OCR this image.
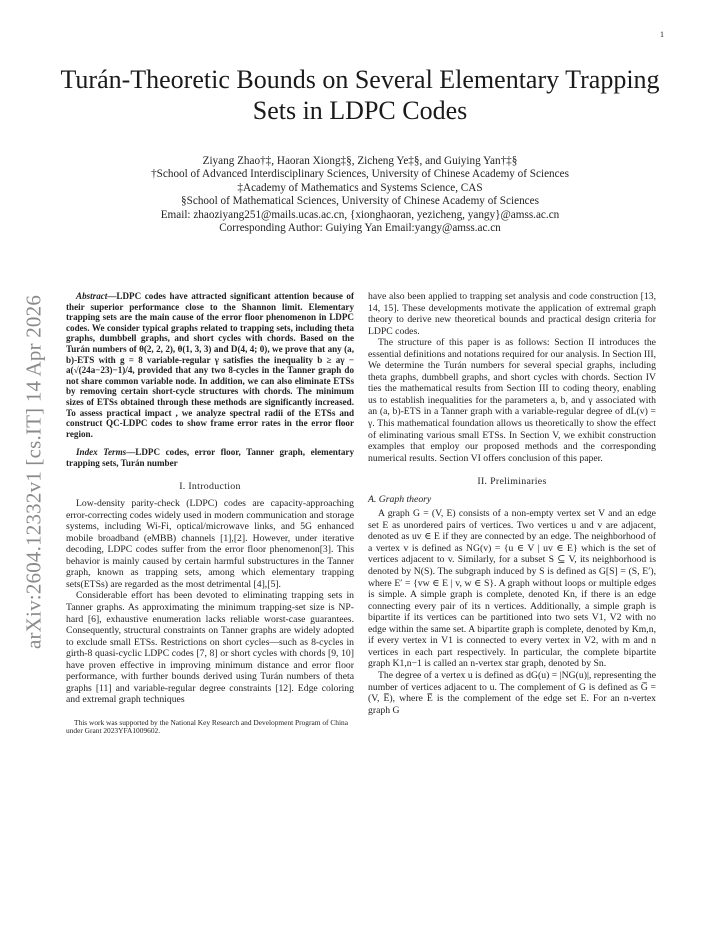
1
arXiv:2604.12332v1 [cs.IT] 14 Apr 2026
Turán-Theoretic Bounds on Several Elementary Trapping Sets in LDPC Codes
Ziyang Zhao†‡, Haoran Xiong‡§, Zicheng Ye‡§, and Guiying Yan†‡§
†School of Advanced Interdisciplinary Sciences, University of Chinese Academy of Sciences
‡Academy of Mathematics and Systems Science, CAS
§School of Mathematical Sciences, University of Chinese Academy of Sciences
Email: zhaoziyang251@mails.ucas.ac.cn, {xionghaoran, yezicheng, yangy}@amss.ac.cn
Corresponding Author: Guiying Yan Email:yangy@amss.ac.cn

Abstract—LDPC codes have attracted significant attention because of their superior performance close to the Shannon limit. Elementary trapping sets are the main cause of the error floor phenomenon in LDPC codes. We consider typical graphs related to trapping sets, including theta graphs, dumbbell graphs, and short cycles with chords. Based on the Turán numbers of θ(2, 2, 2), θ(1, 3, 3) and D(4, 4; 0), we prove that any (a, b)-ETS with g = 8 variable-regular γ satisfies the inequality b ≥ aγ − a(√(24a−23)−1)/4, provided that any two 8-cycles in the Tanner graph do not share common variable node. In addition, we can also eliminate ETSs by removing certain short-cycle structures with chords. The minimum sizes of ETSs obtained through these methods are significantly increased. To assess practical impact , we analyze spectral radii of the ETSs and construct QC-LDPC codes to show frame error rates in the error floor region.

Index Terms—LDPC codes, error floor, Tanner graph, elementary trapping sets, Turán number

I. Introduction

Low-density parity-check (LDPC) codes are capacity-approaching error-correcting codes widely used in modern communication and storage systems, including Wi-Fi, optical/microwave links, and 5G enhanced mobile broadband (eMBB) channels [1],[2]. However, under iterative decoding, LDPC codes suffer from the error floor phenomenon[3]. This behavior is mainly caused by certain harmful substructures in the Tanner graph, known as trapping sets, among which elementary trapping sets(ETSs) are regarded as the most detrimental [4],[5].

Considerable effort has been devoted to eliminating trapping sets in Tanner graphs. As approximating the minimum trapping-set size is NP-hard [6], exhaustive enumeration lacks reliable worst-case guarantees. Consequently, structural constraints on Tanner graphs are widely adopted to exclude small ETSs. Restrictions on short cycles—such as 8-cycles in girth-8 quasi-cyclic LDPC codes [7, 8] or short cycles with chords [9, 10] have proven effective in improving minimum distance and error floor performance, with further bounds derived using Turán numbers of theta graphs [11] and variable-regular degree constraints [12]. Edge coloring and extremal graph techniques

This work was supported by the National Key Research and Development Program of China under Grant 2023YFA1009602.

have also been applied to trapping set analysis and code construction [13, 14, 15]. These developments motivate the application of extremal graph theory to derive new theoretical bounds and practical design criteria for LDPC codes.

The structure of this paper is as follows: Section II introduces the essential definitions and notations required for our analysis. In Section III, We determine the Turán numbers for several special graphs, including theta graphs, dumbbell graphs, and short cycles with chords. Section IV ties the mathematical results from Section III to coding theory, enabling us to establish inequalities for the parameters a, b, and γ associated with an (a, b)-ETS in a Tanner graph with a variable-regular degree of dL(v) = γ. This mathematical foundation allows us theoretically to show the effect of eliminating various small ETSs. In Section V, we exhibit construction examples that employ our proposed methods and the corresponding numerical results. Section VI offers conclusion of this paper.

II. Preliminaries
A. Graph theory

A graph G = (V, E) consists of a non-empty vertex set V and an edge set E as unordered pairs of vertices. Two vertices u and v are adjacent, denoted as uv ∈ E if they are connected by an edge. The neighborhood of a vertex v is defined as NG(v) = {u ∈ V | uv ∈ E} which is the set of vertices adjacent to v. Similarly, for a subset S ⊆ V, its neighborhood is denoted by N(S). The subgraph induced by S is defined as G[S] = (S, E′), where E′ = {vw ∈ E | v, w ∈ S}. A graph without loops or multiple edges is simple. A simple graph is complete, denoted Kn, if there is an edge connecting every pair of its n vertices. Additionally, a simple graph is bipartite if its vertices can be partitioned into two sets V1, V2 with no edge within the same set. A bipartite graph is complete, denoted by Km,n, if every vertex in V1 is connected to every vertex in V2, with m and n vertices in each part respectively. In particular, the complete bipartite graph K1,n−1 is called an n-vertex star graph, denoted by Sn.

The degree of a vertex u is defined as dG(u) = |NG(u)|, representing the number of vertices adjacent to u. The complement of G is defined as G̅ = (V, E̅), where E̅ is the complement of the edge set E. For an n-vertex graph G
